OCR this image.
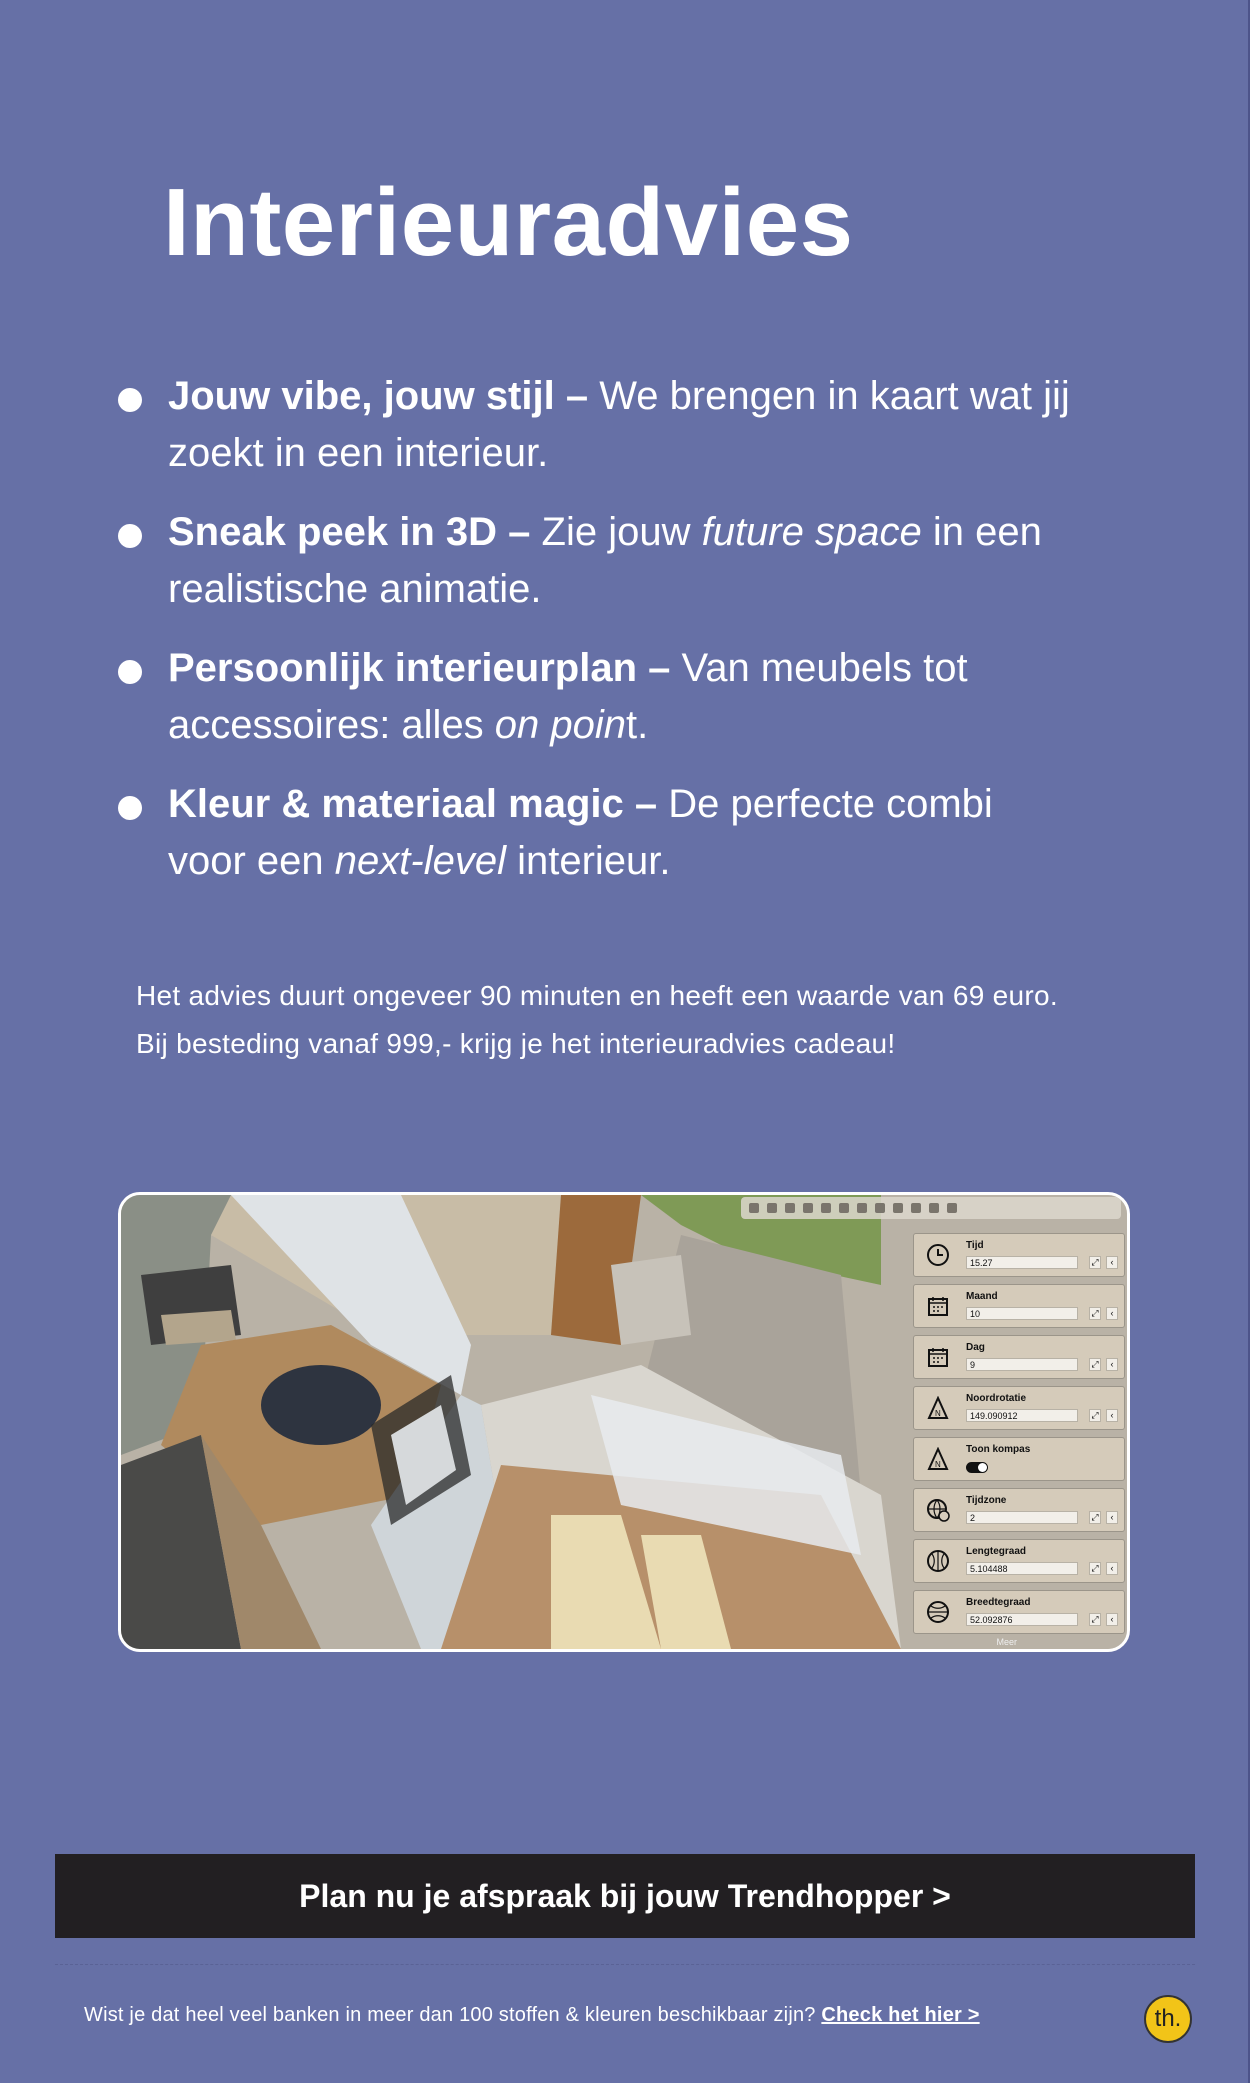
Interieuradvies
Jouw vibe, jouw stijl – We brengen in kaart wat jij zoekt in een interieur.
Sneak peek in 3D – Zie jouw future space in een realistische animatie.
Persoonlijk interieurplan – Van meubels tot accessoires: alles on point.
Kleur & materiaal magic – De perfecte combi voor een next-level interieur.

Het advies duurt ongeveer 90 minuten en heeft een waarde van 69 euro. Bij besteding vanaf 999,- krijg je het interieuradvies cadeau!

Tijd
15.27	⤢	‹
Maand
10	⤢	‹
Dag
9	⤢	‹
N
Noordrotatie
149.090912	⤢	‹
N
Toon kompas
Tijdzone
2	⤢	‹
Lengtegraad
5.104488	⤢	‹
Breedtegraad
52.092876	⤢	‹
Meer
Plan nu je afspraak bij jouw Trendhopper >
Wist je dat heel veel banken in meer dan 100 stoffen & kleuren beschikbaar zijn? Check het hier >	th.
